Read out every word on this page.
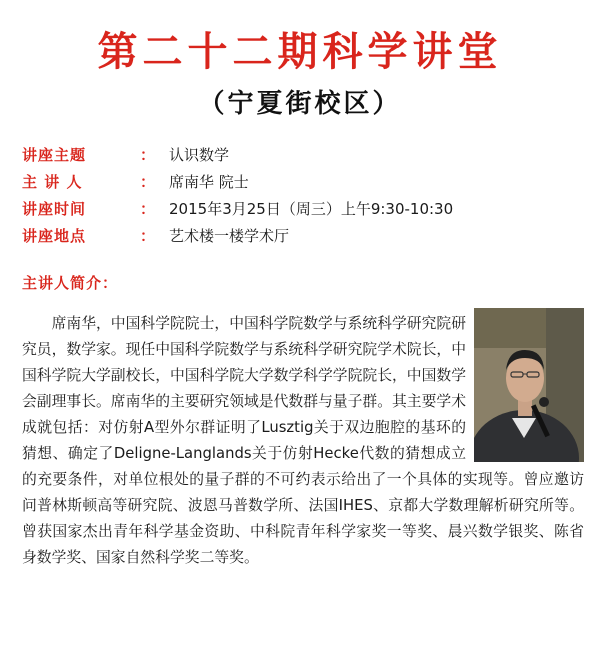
第二十二期科学讲堂
（宁夏街校区）
讲座主题	： 认识数学
主 讲 人	： 席南华 院士
讲座时间	： 2015年3月25日（周三）上午9:30-10:30
讲座地点	： 艺术楼一楼学术厅
主讲人简介：

席南华，中国科学院院士，中国科学院数学与系统科学研究院研究员，数学家。现任中国科学院数学与系统科学研究院学术院长，中国科学院大学副校长，中国科学院大学数学科学学院院长，中国数学会副理事长。席南华的主要研究领域是代数群与量子群。其主要学术成就包括：对仿射A型外尔群证明了Lusztig关于双边胞腔的基环的猜想、确定了Deligne-Langlands关于仿射Hecke代数的猜想成立的充要条件，对单位根处的量子群的不可约表示给出了一个具体的实现等。曾应邀访问普林斯顿高等研究院、波恩马普数学所、法国IHES、京都大学数理解析研究所等。曾获国家杰出青年科学基金资助、中科院青年科学家奖一等奖、晨兴数学银奖、陈省身数学奖、国家自然科学奖二等奖。
